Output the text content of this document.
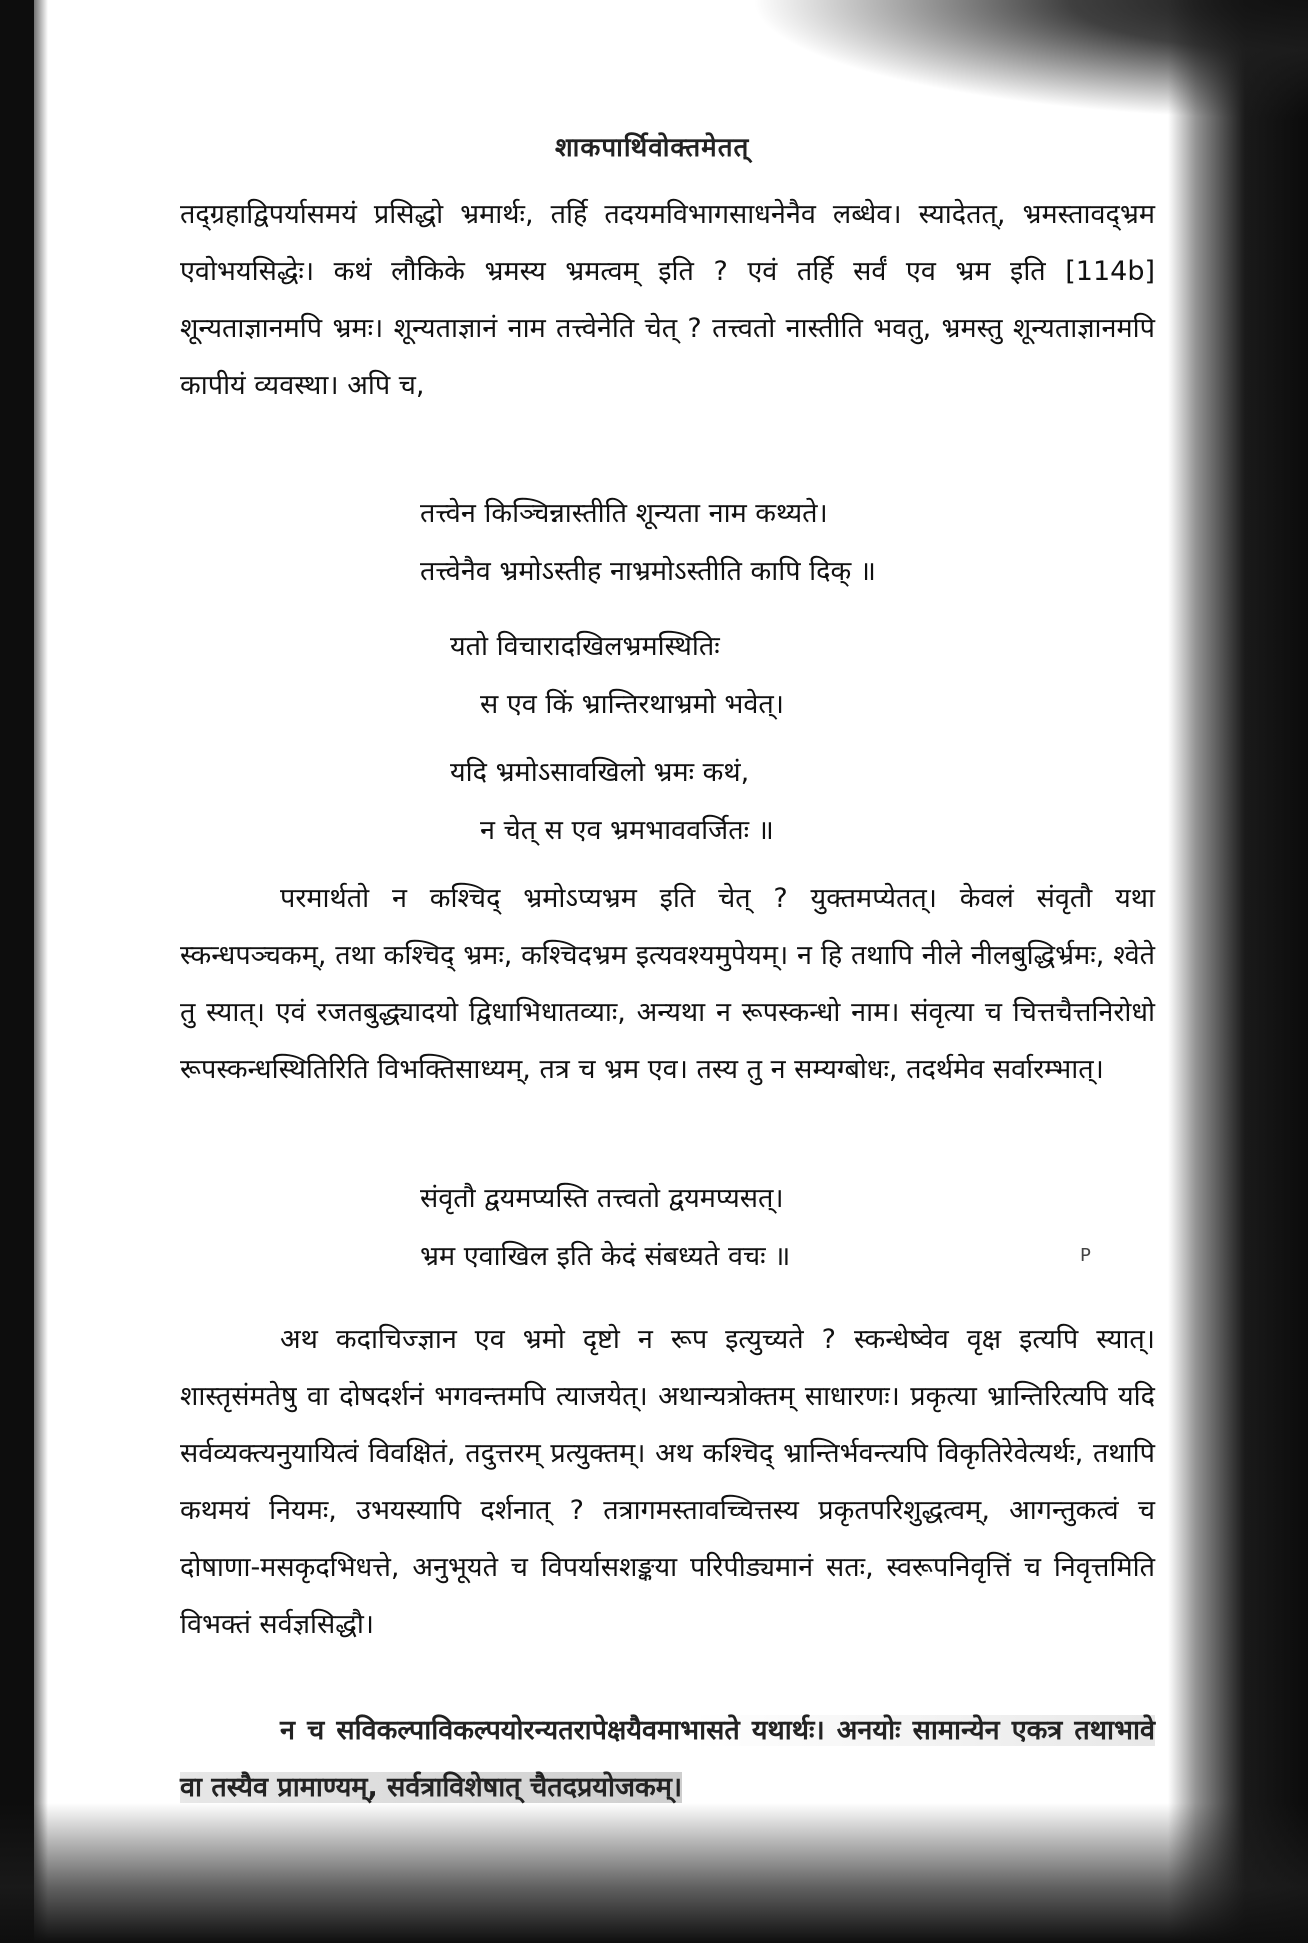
शाकपार्थिवोक्तमेतत्
तद्ग्रहाद्विपर्यासमयं प्रसिद्धो भ्रमार्थः, तर्हि तदयमविभागसाधनेनैव लब्धेव। स्यादेतत्, भ्रमस्तावद्भ्रम एवोभयसिद्धेः। कथं लौकिके भ्रमस्य भ्रमत्वम् इति ? एवं तर्हि सर्वं एव भ्रम इति [114b] शून्यताज्ञानमपि भ्रमः। शून्यताज्ञानं नाम तत्त्वेनेति चेत् ? तत्त्वतो नास्तीति भवतु, भ्रमस्तु शून्यताज्ञानमपि कापीयं व्यवस्था। अपि च,
तत्त्वेन किञ्चिन्नास्तीति शून्यता नाम कथ्यते।
तत्त्वेनैव भ्रमोऽस्तीह नाभ्रमोऽस्तीति कापि दिक् ॥
यतो विचारादखिलभ्रमस्थितिः
स एव किं भ्रान्तिरथाभ्रमो भवेत्।
यदि भ्रमोऽसावखिलो भ्रमः कथं,
न चेत् स एव भ्रमभाववर्जितः ॥
परमार्थतो न कश्चिद् भ्रमोऽप्यभ्रम इति चेत् ? युक्तमप्येतत्। केवलं संवृतौ यथा स्कन्धपञ्चकम्, तथा कश्चिद् भ्रमः, कश्चिदभ्रम इत्यवश्यमुपेयम्। न हि तथापि नीले नीलबुद्धिर्भ्रमः, श्वेते तु स्यात्। एवं रजतबुद्ध्यादयो द्विधाभिधातव्याः, अन्यथा न रूपस्कन्धो नाम। संवृत्या च चित्तचैत्तनिरोधो रूपस्कन्धस्थितिरिति विभक्तिसाध्यम्, तत्र च भ्रम एव। तस्य तु न सम्यग्बोधः, तदर्थमेव सर्वारम्भात्।
संवृतौ द्वयमप्यस्ति तत्त्वतो द्वयमप्यसत्।
भ्रम एवाखिल इति केदं संबध्यते वचः ॥	P
अथ कदाचिज्ज्ञान एव भ्रमो दृष्टो न रूप इत्युच्यते ? स्कन्धेष्वेव वृक्ष इत्यपि स्यात्। शास्तृसंमतेषु वा दोषदर्शनं भगवन्तमपि त्याजयेत्। अथान्यत्रोक्तम् साधारणः। प्रकृत्या भ्रान्तिरित्यपि यदि सर्वव्यक्त्यनुयायित्वं विवक्षितं, तदुत्तरम् प्रत्युक्तम्। अथ कश्चिद् भ्रान्तिर्भवन्त्यपि विकृतिरेवेत्यर्थः, तथापि कथमयं नियमः, उभयस्यापि दर्शनात् ? तत्रागमस्तावच्चित्तस्य प्रकृतपरिशुद्धत्वम्, आगन्तुकत्वं च दोषाणा-मसकृदभिधत्ते, अनुभूयते च विपर्यासशङ्कया परिपीड्यमानं सतः, स्वरूपनिवृत्तिं च निवृत्तमिति विभक्तं सर्वज्ञसिद्धौ।
न च सविकल्पाविकल्पयोरन्यतरापेक्षयैवमाभासते यथार्थः। अनयोः सामान्येन एकत्र तथाभावे वा तस्यैव प्रामाण्यम्, सर्वत्राविशेषात् चैतदप्रयोजकम्।
